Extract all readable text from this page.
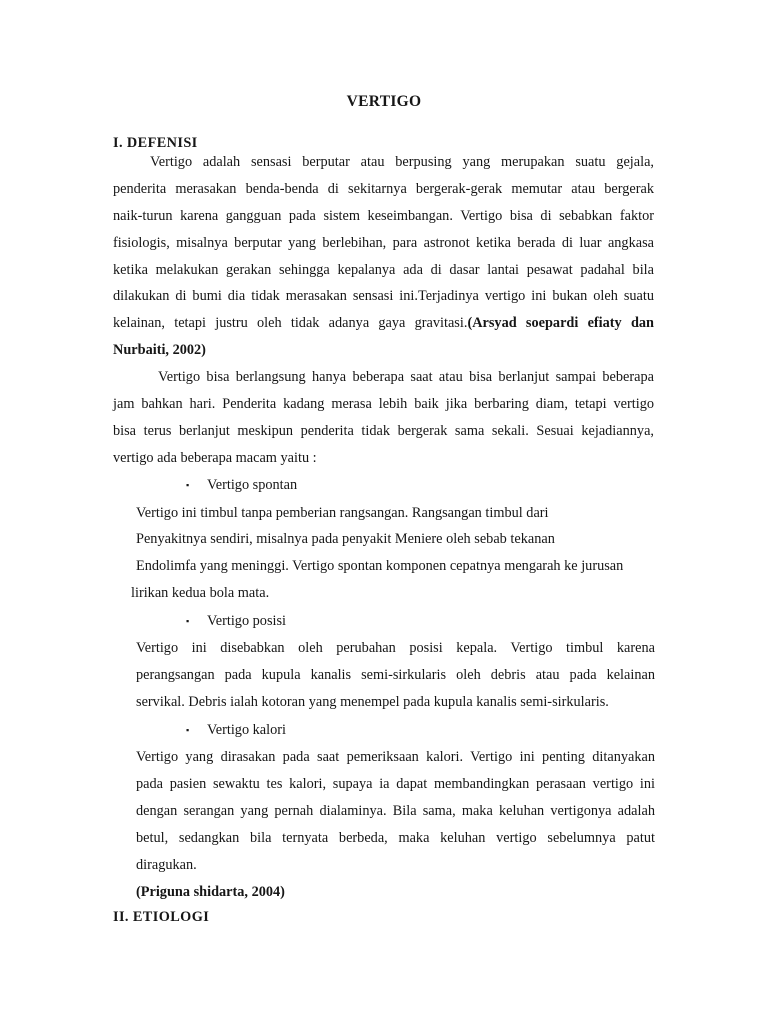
VERTIGO
I. DEFENISI
Vertigo adalah sensasi berputar atau berpusing yang merupakan suatu gejala,
penderita merasakan benda-benda di sekitarnya bergerak-gerak memutar atau bergerak
naik-turun karena gangguan pada sistem keseimbangan. Vertigo bisa di sebabkan faktor
fisiologis, misalnya berputar yang berlebihan, para astronot ketika berada di luar angkasa
ketika melakukan gerakan sehingga kepalanya ada di dasar lantai pesawat padahal bila
dilakukan di bumi dia tidak merasakan sensasi ini.Terjadinya vertigo ini bukan oleh suatu
kelainan, tetapi justru oleh tidak adanya gaya gravitasi.(Arsyad soepardi efiaty dan
Nurbaiti, 2002)
Vertigo bisa berlangsung hanya beberapa saat atau bisa berlanjut sampai beberapa
jam bahkan hari. Penderita kadang merasa lebih baik jika berbaring diam, tetapi vertigo
bisa terus berlanjut meskipun penderita tidak bergerak sama sekali. Sesuai kejadiannya,
vertigo ada beberapa macam yaitu :
▪ Vertigo spontan
Vertigo ini timbul tanpa pemberian rangsangan. Rangsangan timbul dari
Penyakitnya sendiri, misalnya pada penyakit Meniere oleh sebab tekanan
Endolimfa yang meninggi. Vertigo spontan komponen cepatnya mengarah ke jurusan
lirikan kedua bola mata.
▪ Vertigo posisi
Vertigo ini disebabkan oleh perubahan posisi kepala. Vertigo timbul karena
perangsangan pada kupula kanalis semi-sirkularis oleh debris atau pada kelainan
servikal. Debris ialah kotoran yang menempel pada kupula kanalis semi-sirkularis.
▪ Vertigo kalori
Vertigo yang dirasakan pada saat pemeriksaan kalori. Vertigo ini penting ditanyakan
pada pasien sewaktu tes kalori, supaya ia dapat membandingkan perasaan vertigo ini
dengan serangan yang pernah dialaminya. Bila sama, maka keluhan vertigonya adalah
betul, sedangkan bila ternyata berbeda, maka keluhan vertigo sebelumnya patut
diragukan.
(Priguna shidarta, 2004)
II. ETIOLOGI
